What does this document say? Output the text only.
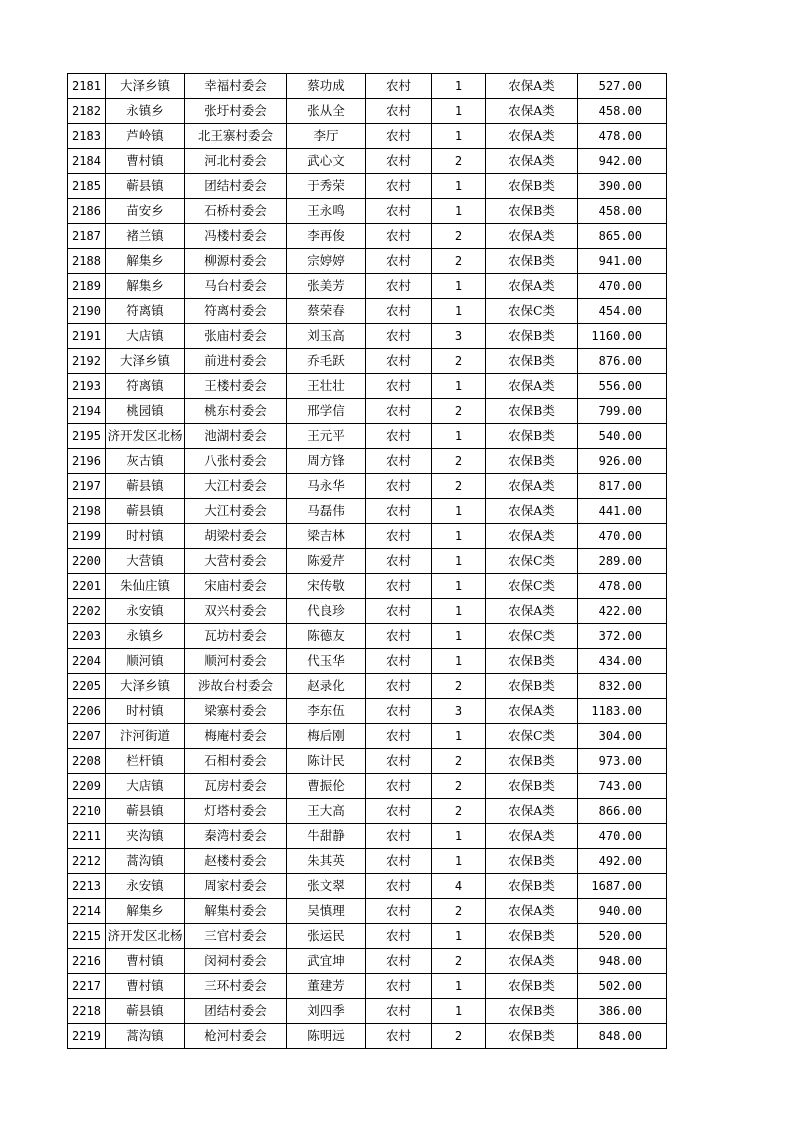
2181	大泽乡镇	幸福村委会	蔡功成	农村	1	农保A类	527.00
2182	永镇乡	张圩村委会	张从全	农村	1	农保A类	458.00
2183	芦岭镇	北王寨村委会	李厅	农村	1	农保A类	478.00
2184	曹村镇	河北村委会	武心文	农村	2	农保A类	942.00
2185	蕲县镇	团结村委会	于秀荣	农村	1	农保B类	390.00
2186	苗安乡	石桥村委会	王永鸣	农村	1	农保B类	458.00
2187	褚兰镇	冯楼村委会	李再俊	农村	2	农保A类	865.00
2188	解集乡	柳源村委会	宗婷婷	农村	2	农保B类	941.00
2189	解集乡	马台村委会	张美芳	农村	1	农保A类	470.00
2190	符离镇	符离村委会	蔡荣春	农村	1	农保C类	454.00
2191	大店镇	张庙村委会	刘玉高	农村	3	农保B类	1160.00
2192	大泽乡镇	前进村委会	乔毛跃	农村	2	农保B类	876.00
2193	符离镇	王楼村委会	王壮壮	农村	1	农保A类	556.00
2194	桃园镇	桃东村委会	邢学信	农村	2	农保B类	799.00
2195	济开发区北杨	池湖村委会	王元平	农村	1	农保B类	540.00
2196	灰古镇	八张村委会	周方锋	农村	2	农保B类	926.00
2197	蕲县镇	大江村委会	马永华	农村	2	农保A类	817.00
2198	蕲县镇	大江村委会	马磊伟	农村	1	农保A类	441.00
2199	时村镇	胡梁村委会	梁吉林	农村	1	农保A类	470.00
2200	大营镇	大营村委会	陈爱芹	农村	1	农保C类	289.00
2201	朱仙庄镇	宋庙村委会	宋传敬	农村	1	农保C类	478.00
2202	永安镇	双兴村委会	代良珍	农村	1	农保A类	422.00
2203	永镇乡	瓦坊村委会	陈德友	农村	1	农保C类	372.00
2204	顺河镇	顺河村委会	代玉华	农村	1	农保B类	434.00
2205	大泽乡镇	涉故台村委会	赵录化	农村	2	农保B类	832.00
2206	时村镇	梁寨村委会	李东伍	农村	3	农保A类	1183.00
2207	汴河街道	梅庵村委会	梅后刚	农村	1	农保C类	304.00
2208	栏杆镇	石相村委会	陈计民	农村	2	农保B类	973.00
2209	大店镇	瓦房村委会	曹振伦	农村	2	农保B类	743.00
2210	蕲县镇	灯塔村委会	王大高	农村	2	农保A类	866.00
2211	夹沟镇	秦湾村委会	牛甜静	农村	1	农保A类	470.00
2212	蒿沟镇	赵楼村委会	朱其英	农村	1	农保B类	492.00
2213	永安镇	周家村委会	张文翠	农村	4	农保B类	1687.00
2214	解集乡	解集村委会	吴慎理	农村	2	农保A类	940.00
2215	济开发区北杨	三官村委会	张运民	农村	1	农保B类	520.00
2216	曹村镇	闵祠村委会	武宜坤	农村	2	农保A类	948.00
2217	曹村镇	三环村委会	董建芳	农村	1	农保B类	502.00
2218	蕲县镇	团结村委会	刘四季	农村	1	农保B类	386.00
2219	蒿沟镇	枪河村委会	陈明远	农村	2	农保B类	848.00
